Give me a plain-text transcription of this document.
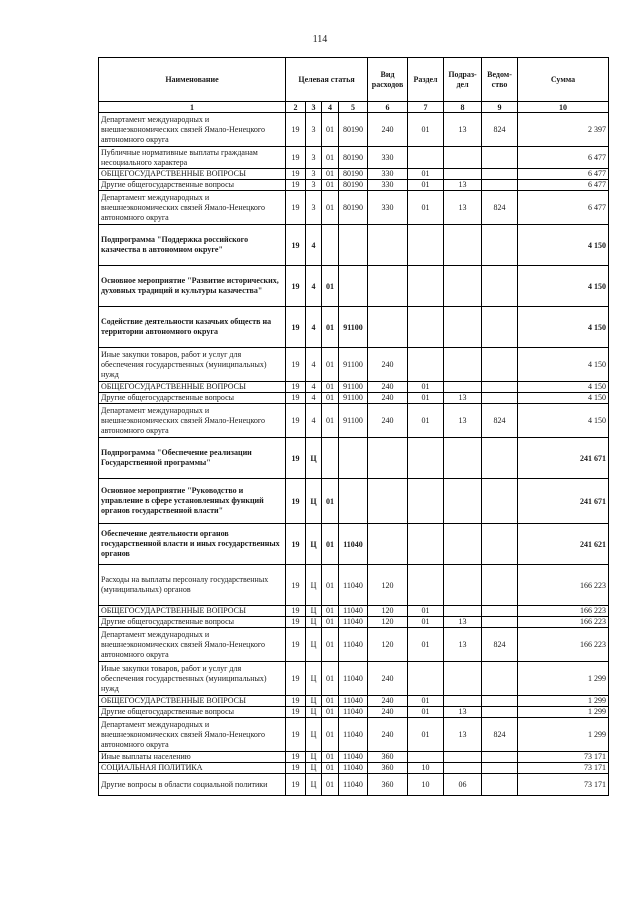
114
Наименование	Целевая статья				Вид расходов	Раздел	Подраз-дел	Ведом-ство	Сумма
1	2	3	4	5	6	7	8	9	10
Департамент международных и внешнеэкономических связей Ямало-Ненецкого автономного округа	19	3	01	80190	240	01	13	824	2 397
Публичные нормативные выплаты гражданам несоциального характера	19	3	01	80190	330				6 477
ОБЩЕГОСУДАРСТВЕННЫЕ ВОПРОСЫ	19	3	01	80190	330	01			6 477
Другие общегосударственные вопросы	19	3	01	80190	330	01	13		6 477
Департамент международных и внешнеэкономических связей Ямало-Ненецкого автономного округа	19	3	01	80190	330	01	13	824	6 477
Подпрограмма "Поддержка российского казачества в автономном округе"	19	4							4 150
Основное мероприятие "Развитие исторических, духовных традиций и культуры казачества"	19	4	01						4 150
Содействие деятельности казачьих обществ на территории автономного округа	19	4	01	91100					4 150
Иные закупки товаров, работ и услуг для обеспечения государственных (муниципальных) нужд	19	4	01	91100	240				4 150
ОБЩЕГОСУДАРСТВЕННЫЕ ВОПРОСЫ	19	4	01	91100	240	01			4 150
Другие общегосударственные вопросы	19	4	01	91100	240	01	13		4 150
Департамент международных и внешнеэкономических связей Ямало-Ненецкого автономного округа	19	4	01	91100	240	01	13	824	4 150
Подпрограмма "Обеспечение реализации Государственной программы"	19	Ц							241 671
Основное мероприятие "Руководство и управление в сфере установленных функций органов государственной власти"	19	Ц	01						241 671
Обеспечение деятельности органов государственной власти и иных государственных органов	19	Ц	01	11040					241 621
Расходы на выплаты персоналу государственных (муниципальных) органов	19	Ц	01	11040	120				166 223
ОБЩЕГОСУДАРСТВЕННЫЕ ВОПРОСЫ	19	Ц	01	11040	120	01			166 223
Другие общегосударственные вопросы	19	Ц	01	11040	120	01	13		166 223
Департамент международных и внешнеэкономических связей Ямало-Ненецкого автономного округа	19	Ц	01	11040	120	01	13	824	166 223
Иные закупки товаров, работ и услуг для обеспечения государственных (муниципальных) нужд	19	Ц	01	11040	240				1 299
ОБЩЕГОСУДАРСТВЕННЫЕ ВОПРОСЫ	19	Ц	01	11040	240	01			1 299
Другие общегосударственные вопросы	19	Ц	01	11040	240	01	13		1 299
Департамент международных и внешнеэкономических связей Ямало-Ненецкого автономного округа	19	Ц	01	11040	240	01	13	824	1 299
Иные выплаты населению	19	Ц	01	11040	360				73 171
СОЦИАЛЬНАЯ ПОЛИТИКА	19	Ц	01	11040	360	10			73 171
Другие вопросы в области социальной политики	19	Ц	01	11040	360	10	06		73 171
